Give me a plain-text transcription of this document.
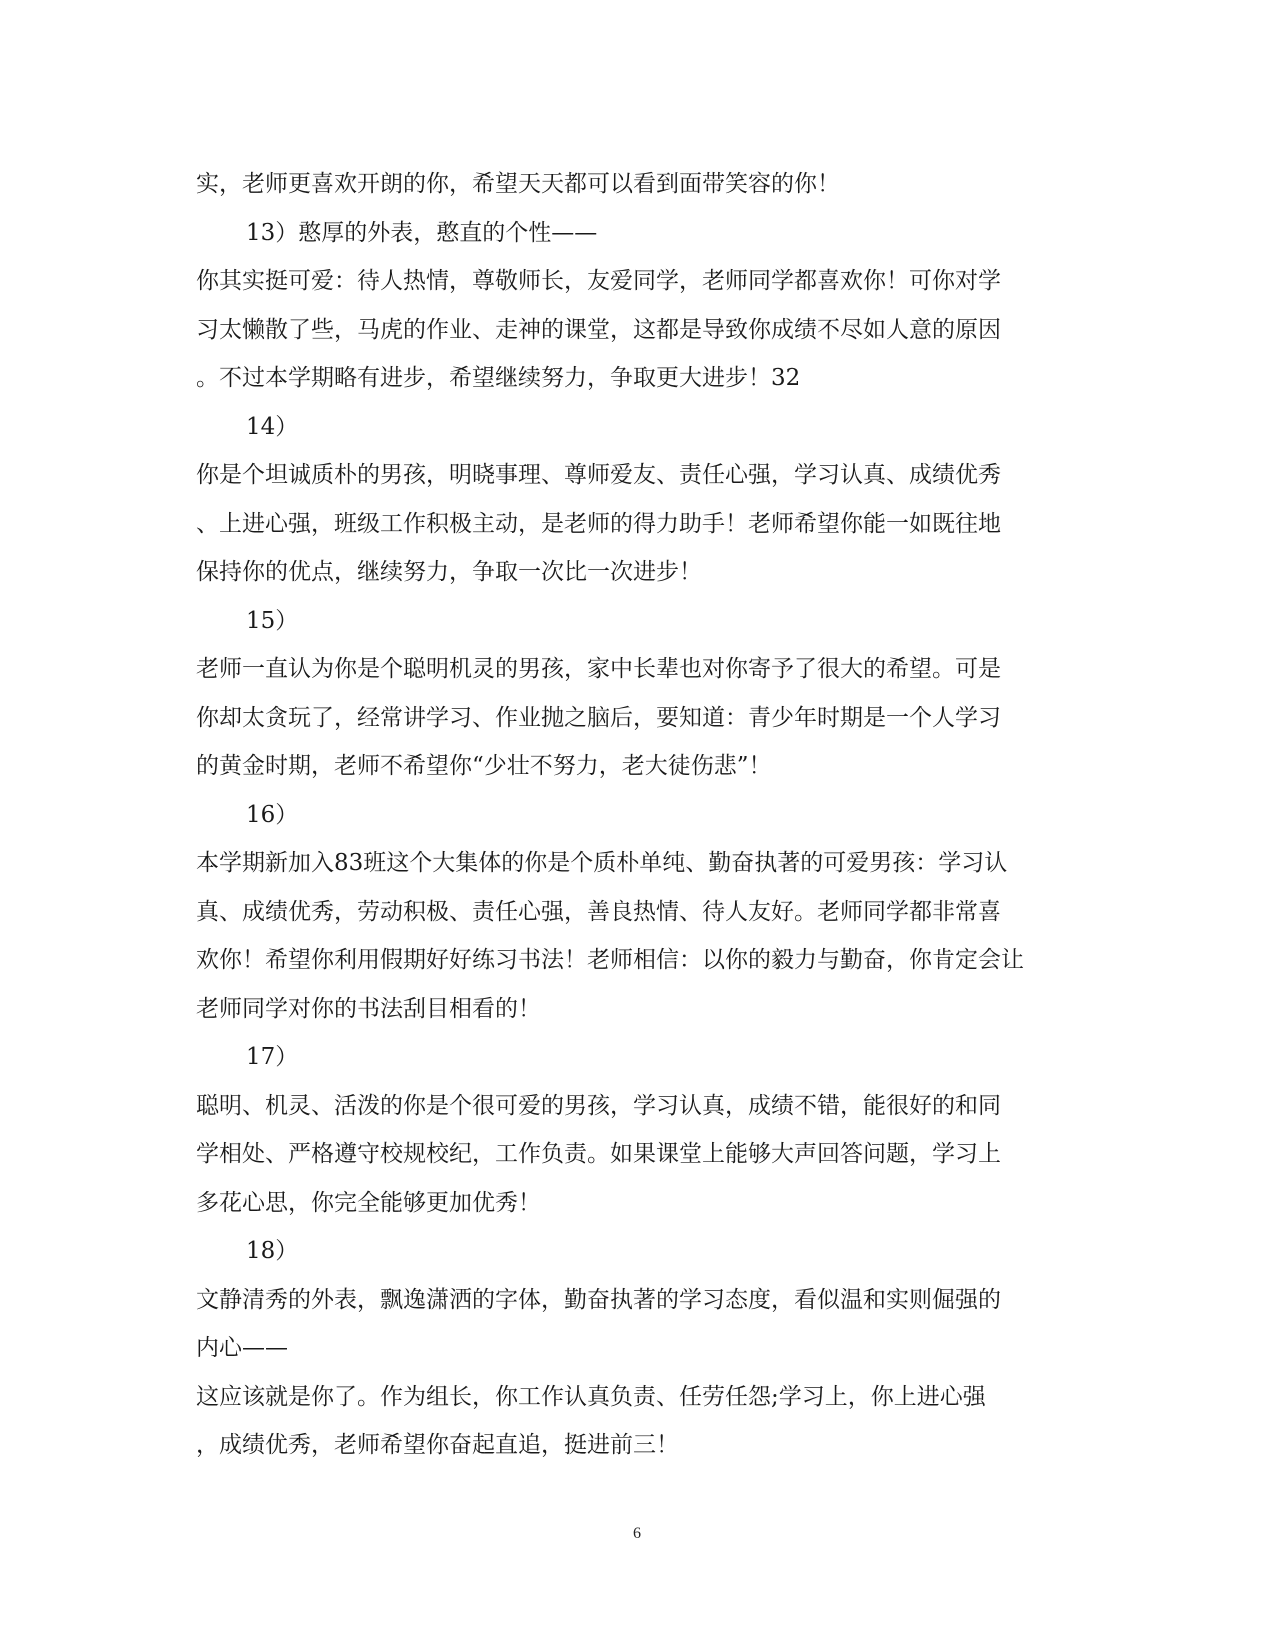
实，老师更喜欢开朗的你，希望天天都可以看到面带笑容的你！
13）憨厚的外表，憨直的个性——
你其实挺可爱：待人热情，尊敬师长，友爱同学，老师同学都喜欢你！可你对学
习太懒散了些，马虎的作业、走神的课堂，这都是导致你成绩不尽如人意的原因
。不过本学期略有进步，希望继续努力，争取更大进步！32
14）
你是个坦诚质朴的男孩，明晓事理、尊师爱友、责任心强，学习认真、成绩优秀
、上进心强，班级工作积极主动，是老师的得力助手！老师希望你能一如既往地
保持你的优点，继续努力，争取一次比一次进步！
15）
老师一直认为你是个聪明机灵的男孩，家中长辈也对你寄予了很大的希望。可是
你却太贪玩了，经常讲学习、作业抛之脑后，要知道：青少年时期是一个人学习
的黄金时期，老师不希望你“少壮不努力，老大徒伤悲”！
16）
本学期新加入83班这个大集体的你是个质朴单纯、勤奋执著的可爱男孩：学习认
真、成绩优秀，劳动积极、责任心强，善良热情、待人友好。老师同学都非常喜
欢你！希望你利用假期好好练习书法！老师相信：以你的毅力与勤奋，你肯定会让
老师同学对你的书法刮目相看的！
17）
聪明、机灵、活泼的你是个很可爱的男孩，学习认真，成绩不错，能很好的和同
学相处、严格遵守校规校纪，工作负责。如果课堂上能够大声回答问题，学习上
多花心思，你完全能够更加优秀！
18）
文静清秀的外表，飘逸潇洒的字体，勤奋执著的学习态度，看似温和实则倔强的
内心——
这应该就是你了。作为组长，你工作认真负责、任劳任怨;学习上，你上进心强
，成绩优秀，老师希望你奋起直追，挺进前三！
6
